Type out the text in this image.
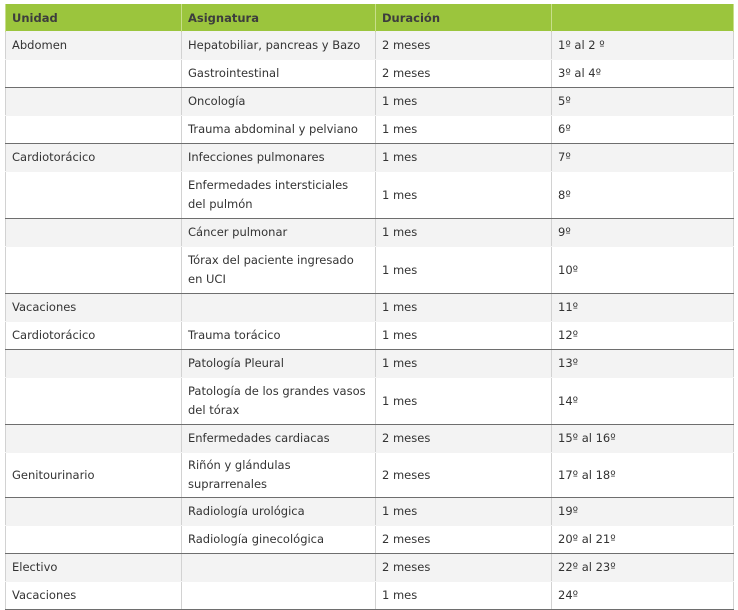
Unidad	Asignatura	Duración	
Abdomen	Hepatobiliar, pancreas y Bazo	2 meses	1º al 2 º
	Gastrointestinal	2 meses	3º al 4º
	Oncología	1 mes	5º
	Trauma abdominal y pelviano	1 mes	6º
Cardiotorácico	Infecciones pulmonares	1 mes	7º
	Enfermedades intersticiales del pulmón	1 mes	8º
	Cáncer pulmonar	1 mes	9º
	Tórax del paciente ingresado en UCI	1 mes	10º
Vacaciones		1 mes	11º
Cardiotorácico	Trauma torácico	1 mes	12º
	Patología Pleural	1 mes	13º
	Patología de los grandes vasos del tórax	1 mes	14º
	Enfermedades cardiacas	2 meses	15º al 16º
Genitourinario	Riñón y glándulas suprarrenales	2 meses	17º al 18º
	Radiología urológica	1 mes	19º
	Radiología ginecológica	2 meses	20º al 21º
Electivo		2 meses	22º al 23º
Vacaciones		1 mes	24º
